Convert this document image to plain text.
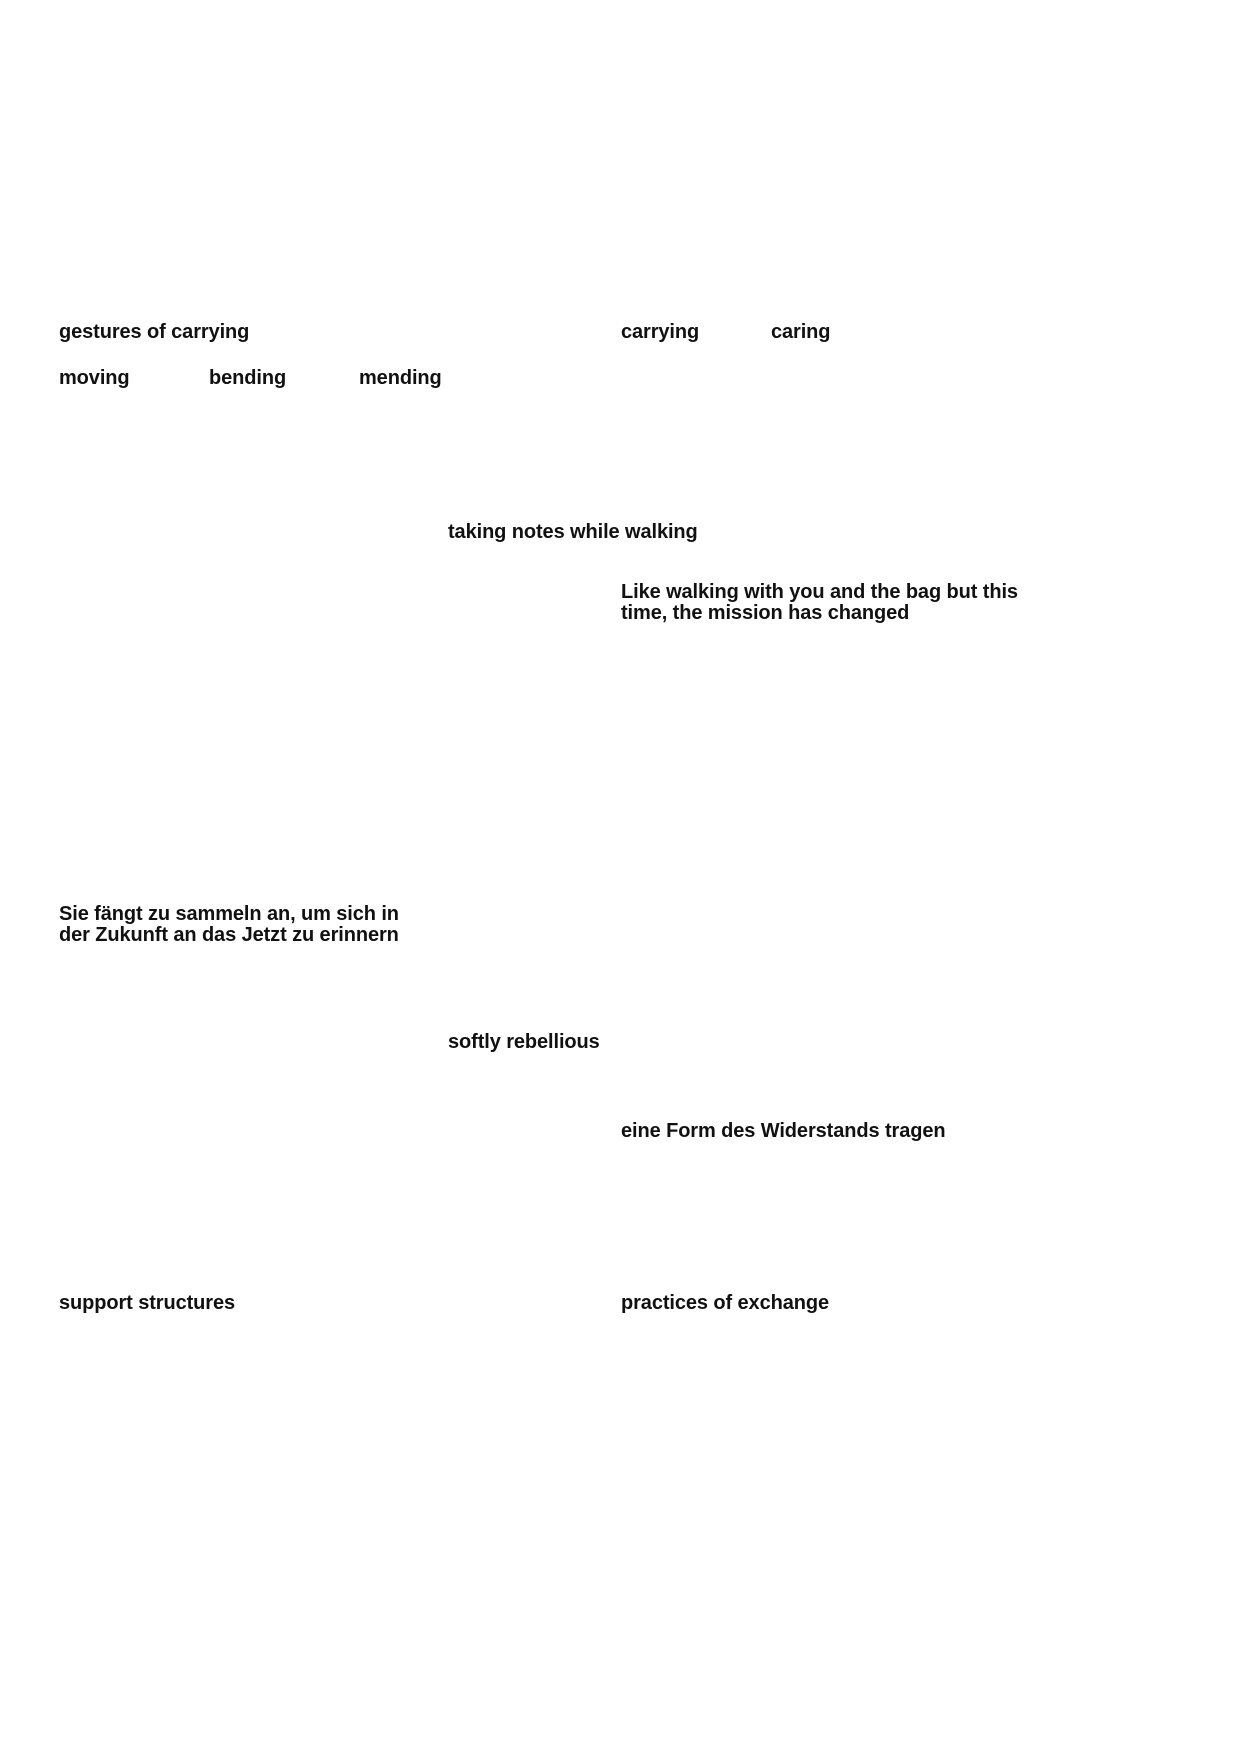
gestures of carrying	carrying	caring

moving	bending	mending

taking notes while walking

Like walking with you and the bag but this time, the mission has changed

Sie fängt zu sammeln an, um sich in der Zukunft an das Jetzt zu erinnern

softly rebellious

eine Form des Widerstands tragen

support structures	practices of exchange
